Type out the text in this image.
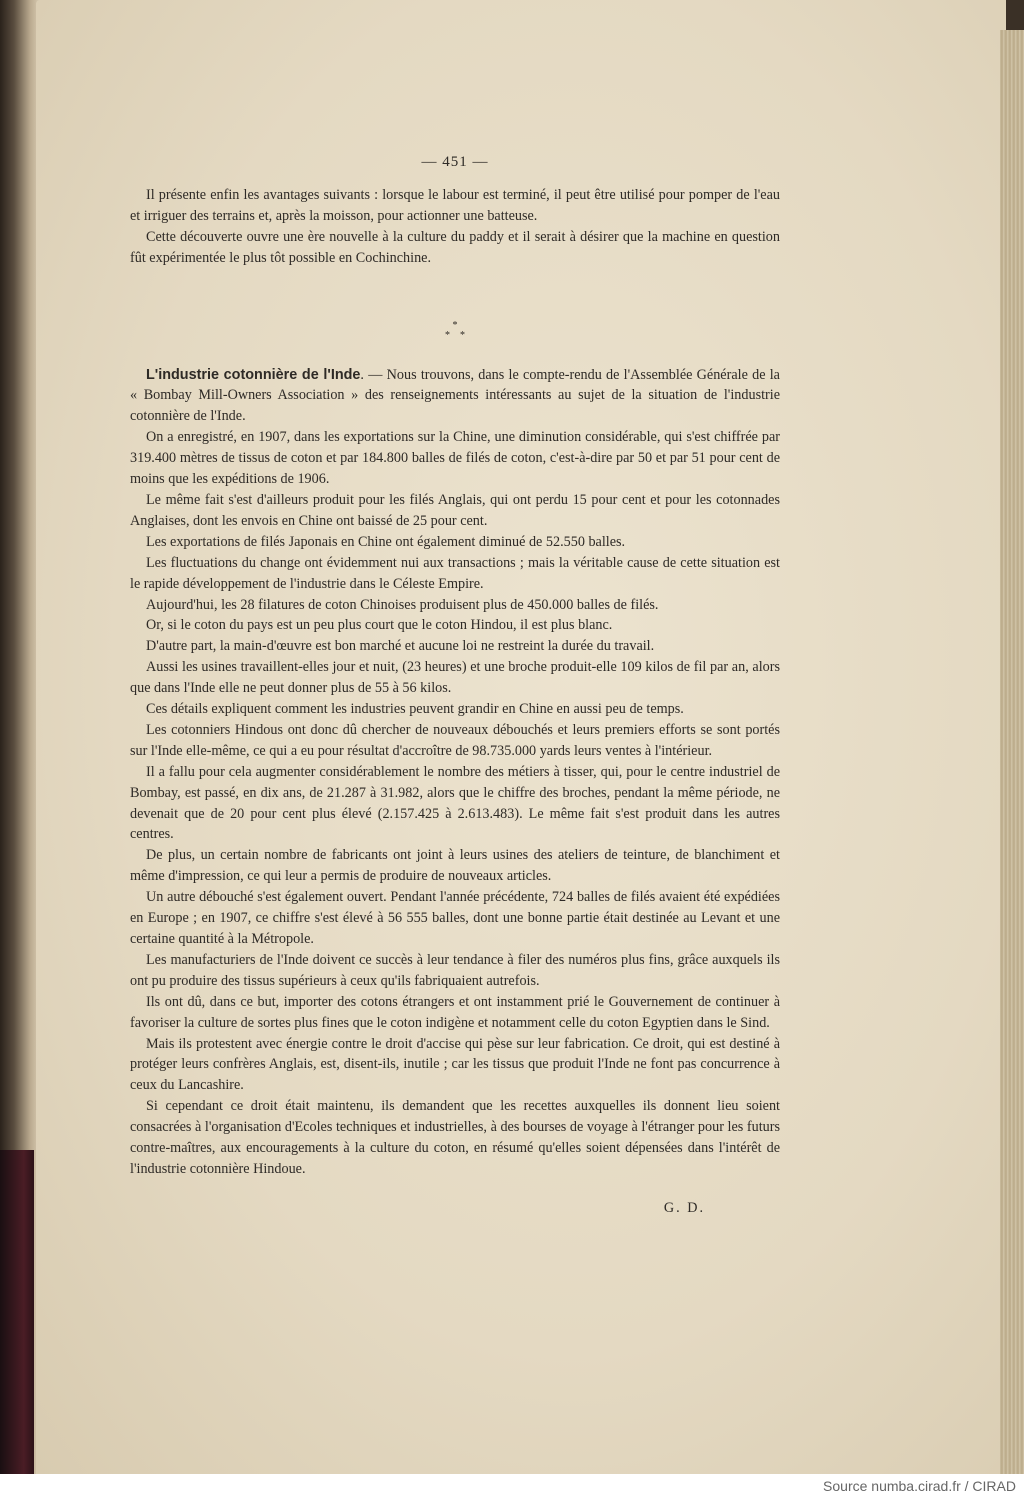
— 451 —

Il présente enfin les avantages suivants : lorsque le labour est terminé, il peut être utilisé pour pomper de l'eau et irriguer des terrains et, après la moisson, pour actionner une batteuse.

Cette découverte ouvre une ère nouvelle à la culture du paddy et il serait à désirer que la machine en question fût expérimentée le plus tôt possible en Cochinchine.

*
*    *

L'industrie cotonnière de l'Inde. — Nous trouvons, dans le compte-rendu de l'Assemblée Générale de la « Bombay Mill-Owners Association » des renseignements intéressants au sujet de la situation de l'industrie cotonnière de l'Inde.

On a enregistré, en 1907, dans les exportations sur la Chine, une diminution considérable, qui s'est chiffrée par 319.400 mètres de tissus de coton et par 184.800 balles de filés de coton, c'est-à-dire par 50 et par 51 pour cent de moins que les expéditions de 1906.

Le même fait s'est d'ailleurs produit pour les filés Anglais, qui ont perdu 15 pour cent et pour les cotonnades Anglaises, dont les envois en Chine ont baissé de 25 pour cent.

Les exportations de filés Japonais en Chine ont également diminué de 52.550 balles.

Les fluctuations du change ont évidemment nui aux transactions ; mais la véritable cause de cette situation est le rapide développement de l'industrie dans le Céleste Empire.

Aujourd'hui, les 28 filatures de coton Chinoises produisent plus de 450.000 balles de filés.

Or, si le coton du pays est un peu plus court que le coton Hindou, il est plus blanc.

D'autre part, la main-d'œuvre est bon marché et aucune loi ne restreint la durée du travail.

Aussi les usines travaillent-elles jour et nuit, (23 heures) et une broche produit-elle 109 kilos de fil par an, alors que dans l'Inde elle ne peut donner plus de 55 à 56 kilos.

Ces détails expliquent comment les industries peuvent grandir en Chine en aussi peu de temps.

Les cotonniers Hindous ont donc dû chercher de nouveaux débouchés et leurs premiers efforts se sont portés sur l'Inde elle-même, ce qui a eu pour résultat d'accroître de 98.735.000 yards leurs ventes à l'intérieur.

Il a fallu pour cela augmenter considérablement le nombre des métiers à tisser, qui, pour le centre industriel de Bombay, est passé, en dix ans, de 21.287 à 31.982, alors que le chiffre des broches, pendant la même période, ne devenait que de 20 pour cent plus élevé (2.157.425 à 2.613.483). Le même fait s'est produit dans les autres centres.

De plus, un certain nombre de fabricants ont joint à leurs usines des ateliers de teinture, de blanchiment et même d'impression, ce qui leur a permis de produire de nouveaux articles.

Un autre débouché s'est également ouvert. Pendant l'année précédente, 724 balles de filés avaient été expédiées en Europe ; en 1907, ce chiffre s'est élevé à 56 555 balles, dont une bonne partie était destinée au Levant et une certaine quantité à la Métropole.

Les manufacturiers de l'Inde doivent ce succès à leur tendance à filer des numéros plus fins, grâce auxquels ils ont pu produire des tissus supérieurs à ceux qu'ils fabriquaient autrefois.

Ils ont dû, dans ce but, importer des cotons étrangers et ont instamment prié le Gouvernement de continuer à favoriser la culture de sortes plus fines que le coton indigène et notamment celle du coton Egyptien dans le Sind.

Mais ils protestent avec énergie contre le droit d'accise qui pèse sur leur fabrication. Ce droit, qui est destiné à protéger leurs confrères Anglais, est, disent-ils, inutile ; car les tissus que produit l'Inde ne font pas concurrence à ceux du Lancashire.

Si cependant ce droit était maintenu, ils demandent que les recettes auxquelles ils donnent lieu soient consacrées à l'organisation d'Ecoles techniques et industrielles, à des bourses de voyage à l'étranger pour les futurs contre-maîtres, aux encouragements à la culture du coton, en résumé qu'elles soient dépensées dans l'intérêt de l'industrie cotonnière Hindoue.

G. D.
Source numba.cirad.fr / CIRAD
